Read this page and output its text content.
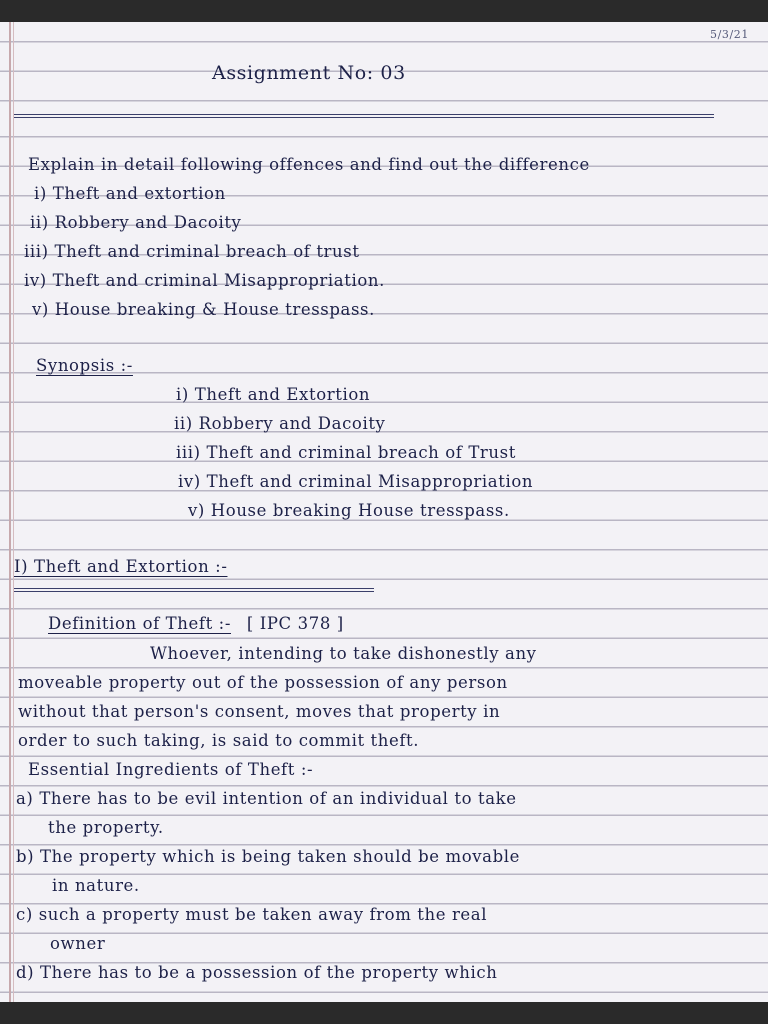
5/3/21
Assignment No: 03
Explain in detail following offences and find out the difference
i) Theft and extortion
ii) Robbery and Dacoity
iii) Theft and criminal breach of trust
iv) Theft and criminal Misappropriation.
v) House breaking & House tresspass.
Synopsis :-
i) Theft and Extortion
ii) Robbery and Dacoity
iii) Theft and criminal breach of Trust
iv) Theft and criminal Misappropriation
v) House breaking House tresspass.
I) Theft and Extortion :-
Definition of Theft :- [ IPC 378 ]
Whoever, intending to take dishonestly any
moveable property out of the possession of any person
without that person's consent, moves that property in
order to such taking, is said to commit theft.
Essential Ingredients of Theft :-
a) There has to be evil intention of an individual to take
the property.
b) The property which is being taken should be movable
in nature.
c) such a property must be taken away from the real
owner
d) There has to be a possession of the property which
